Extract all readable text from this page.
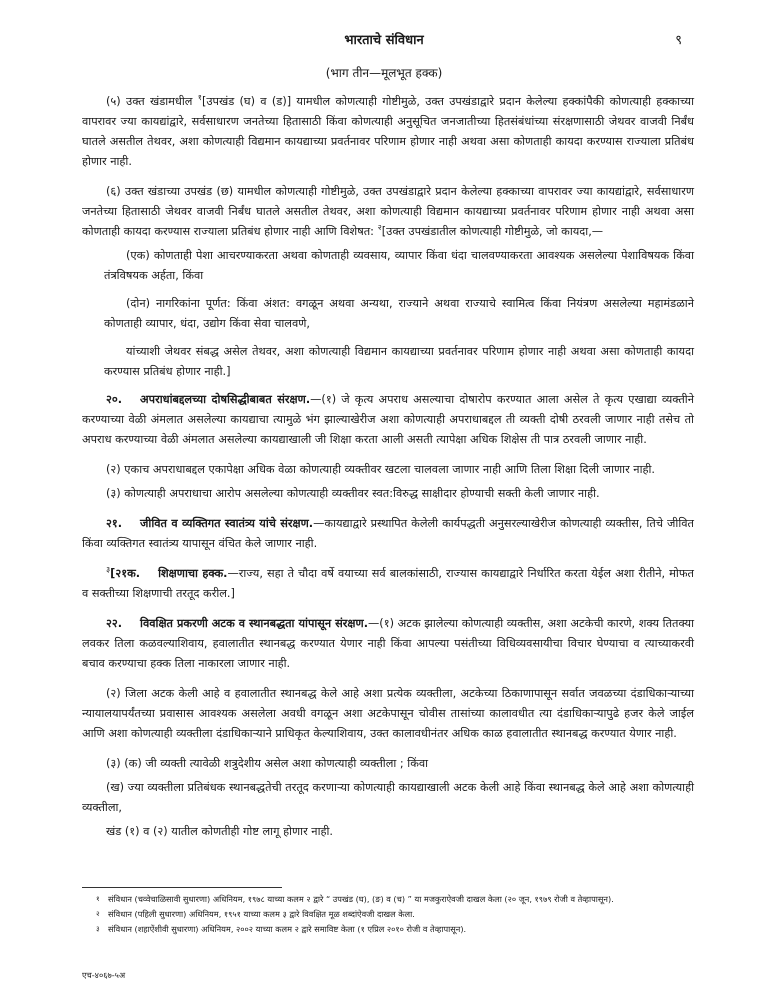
भारताचे संविधान	९
(भाग तीन—मूलभूत हक्क)

(५) उक्त खंडामधील $^१$[उपखंड (घ) व (ड)] यामधील कोणत्याही गोष्टीमुळे, उक्त उपखंडाद्वारे प्रदान केलेल्या हक्कांपैकी कोणत्याही हक्काच्या वापरावर ज्या कायद्यांद्वारे, सर्वसाधारण जनतेच्या हितासाठी किंवा कोणत्याही अनुसूचित जनजातीच्या हितसंबंधांच्या संरक्षणासाठी जेथवर वाजवी निर्बंध घातले असतील तेथवर, अशा कोणत्याही विद्यमान कायद्याच्या प्रवर्तनावर परिणाम होणार नाही अथवा असा कोणताही कायदा करण्यास राज्याला प्रतिबंध होणार नाही.

(६) उक्त खंडाच्या उपखंड (छ) यामधील कोणत्याही गोष्टीमुळे, उक्त उपखंडाद्वारे प्रदान केलेल्या हक्काच्या वापरावर ज्या कायद्यांद्वारे, सर्वसाधारण जनतेच्या हितासाठी जेथवर वाजवी निर्बंध घातले असतील तेथवर, अशा कोणत्याही विद्यमान कायद्याच्या प्रवर्तनावर परिणाम होणार नाही अथवा असा कोणताही कायदा करण्यास राज्याला प्रतिबंध होणार नाही आणि विशेषत: $^२$[उक्त उपखंडातील कोणत्याही गोष्टीमुळे, जो कायदा,—

(एक) कोणताही पेशा आचरण्याकरता अथवा कोणताही व्यवसाय, व्यापार किंवा धंदा चालवण्याकरता आवश्यक असलेल्या पेशाविषयक किंवा तंत्रविषयक अर्हता, किंवा

(दोन) नागरिकांना पूर्णत: किंवा अंशत: वगळून अथवा अन्यथा, राज्याने अथवा राज्याचे स्वामित्व किंवा नियंत्रण असलेल्या महामंडळाने कोणताही व्यापार, धंदा, उद्योग किंवा सेवा चालवणे,

यांच्याशी जेथवर संबद्ध असेल तेथवर, अशा कोणत्याही विद्यमान कायद्याच्या प्रवर्तनावर परिणाम होणार नाही अथवा असा कोणताही कायदा करण्यास प्रतिबंध होणार नाही.]

२०. अपराधांबद्दलच्या दोषसिद्धीबाबत संरक्षण.—(१) जे कृत्य अपराध असल्याचा दोषारोप करण्यात आला असेल ते कृत्य एखाद्या व्यक्तीने करण्याच्या वेळी अंमलात असलेल्या कायद्याचा त्यामुळे भंग झाल्याखेरीज अशा कोणत्याही अपराधाबद्दल ती व्यक्ती दोषी ठरवली जाणार नाही तसेच तो अपराध करण्याच्या वेळी अंमलात असलेल्या कायद्याखाली जी शिक्षा करता आली असती त्यापेक्षा अधिक शिक्षेस ती पात्र ठरवली जाणार नाही.

(२) एकाच अपराधाबद्दल एकापेक्षा अधिक वेळा कोणत्याही व्यक्तीवर खटला चालवला जाणार नाही आणि तिला शिक्षा दिली जाणार नाही.

(३) कोणत्याही अपराधाचा आरोप असलेल्या कोणत्याही व्यक्तीवर स्वत:विरुद्ध साक्षीदार होण्याची सक्ती केली जाणार नाही.

२१. जीवित व व्यक्तिगत स्वातंत्र्य यांचे संरक्षण.—कायद्याद्वारे प्रस्थापित केलेली कार्यपद्धती अनुसरल्याखेरीज कोणत्याही व्यक्तीस, तिचे जीवित किंवा व्यक्तिगत स्वातंत्र्य यापासून वंचित केले जाणार नाही.

$^३$[२१क. शिक्षणाचा हक्क.—राज्य, सहा ते चौदा वर्षे वयाच्या सर्व बालकांसाठी, राज्यास कायद्याद्वारे निर्धारित करता येईल अशा रीतीने, मोफत व सक्तीच्या शिक्षणाची तरतूद करील.]

२२. विवक्षित प्रकरणी अटक व स्थानबद्धता यांपासून संरक्षण.—(१) अटक झालेल्या कोणत्याही व्यक्तीस, अशा अटकेची कारणे, शक्य तितक्या लवकर तिला कळवल्याशिवाय, हवालातीत स्थानबद्ध करण्यात येणार नाही किंवा आपल्या पसंतीच्या विधिव्यवसायीचा विचार घेण्याचा व त्याच्याकरवी बचाव करण्याचा हक्क तिला नाकारला जाणार नाही.

(२) जिला अटक केली आहे व हवालातीत स्थानबद्ध केले आहे अशा प्रत्येक व्यक्तीला, अटकेच्या ठिकाणापासून सर्वात जवळच्या दंडाधिकाऱ्याच्या न्यायालयापर्यंतच्या प्रवासास आवश्यक असलेला अवधी वगळून अशा अटकेपासून चोवीस तासांच्या कालावधीत त्या दंडाधिकाऱ्यापुढे हजर केले जाईल आणि अशा कोणत्याही व्यक्तीला दंडाधिकाऱ्याने प्राधिकृत केल्याशिवाय, उक्त कालावधीनंतर अधिक काळ हवालातीत स्थानबद्ध करण्यात येणार नाही.

(३) (क) जी व्यक्ती त्यावेळी शत्रुदेशीय असेल अशा कोणत्याही व्यक्तीला ; किंवा

(ख) ज्या व्यक्तीला प्रतिबंधक स्थानबद्धतेची तरतूद करणाऱ्या कोणत्याही कायद्याखाली अटक केली आहे किंवा स्थानबद्ध केले आहे अशा कोणत्याही व्यक्तीला,

खंड (१) व (२) यातील कोणतीही गोष्ट लागू होणार नाही.

१ संविधान (चव्वेचाळिसावी सुधारणा) अधिनियम, १९७८ याच्या कलम २ द्वारे “ उपखंड (घ), (ङ) व (च) ” या मजकुराऐवजी दाखल केला (२० जून, १९७९ रोजी व तेव्हापासून).

२ संविधान (पहिली सुधारणा) अधिनियम, १९५१ याच्या कलम ३ द्वारे विवक्षित मूळ शब्दांऐवजी दाखल केला.

३ संविधान (शहाऐंशीवी सुधारणा) अधिनियम, २००२ याच्या कलम २ द्वारे समाविष्ट केला (१ एप्रिल २०१० रोजी व तेव्हापासून).

एच-४०६७-५अ
